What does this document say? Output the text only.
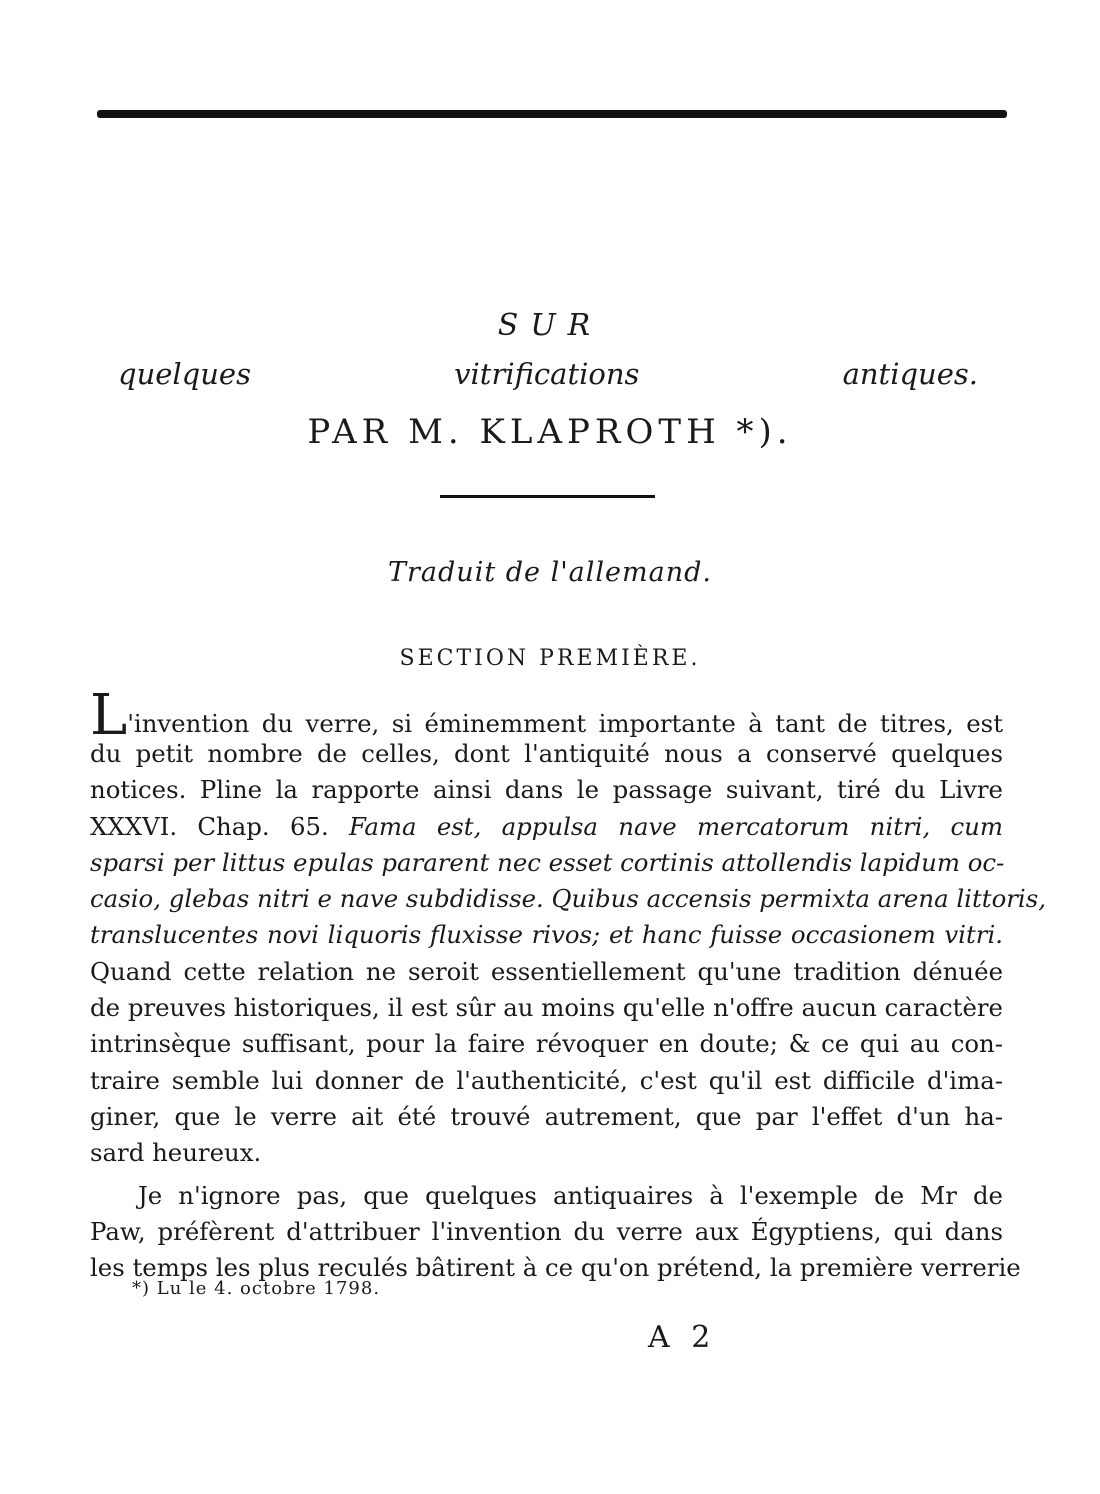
SUR
quelques vitrifications antiques.
PAR M. KLAPROTH *).
Traduit de l'allemand.
SECTION PREMIÈRE.
L'invention du verre, si éminemment importante à tant de titres, est
du petit nombre de celles, dont l'antiquité nous a conservé quelques
notices. Pline la rapporte ainsi dans le passage suivant, tiré du Livre
XXXVI. Chap. 65. Fama est, appulsa nave mercatorum nitri, cum
sparsi per littus epulas pararent nec esset cortinis attollendis lapidum oc-
casio, glebas nitri e nave subdidisse. Quibus accensis permixta arena littoris,
translucentes novi liquoris fluxisse rivos; et hanc fuisse occasionem vitri.
Quand cette relation ne seroit essentiellement qu'une tradition dénuée
de preuves historiques, il est sûr au moins qu'elle n'offre aucun caractère
intrinsèque suffisant, pour la faire révoquer en doute; & ce qui au con-
traire semble lui donner de l'authenticité, c'est qu'il est difficile d'ima-
giner, que le verre ait été trouvé autrement, que par l'effet d'un ha-
sard heureux.
Je n'ignore pas, que quelques antiquaires à l'exemple de Mr de
Paw, préfèrent d'attribuer l'invention du verre aux Égyptiens, qui dans
les temps les plus reculés bâtirent à ce qu'on prétend, la première verrerie
*) Lu le 4. octobre 1798.
A 2
